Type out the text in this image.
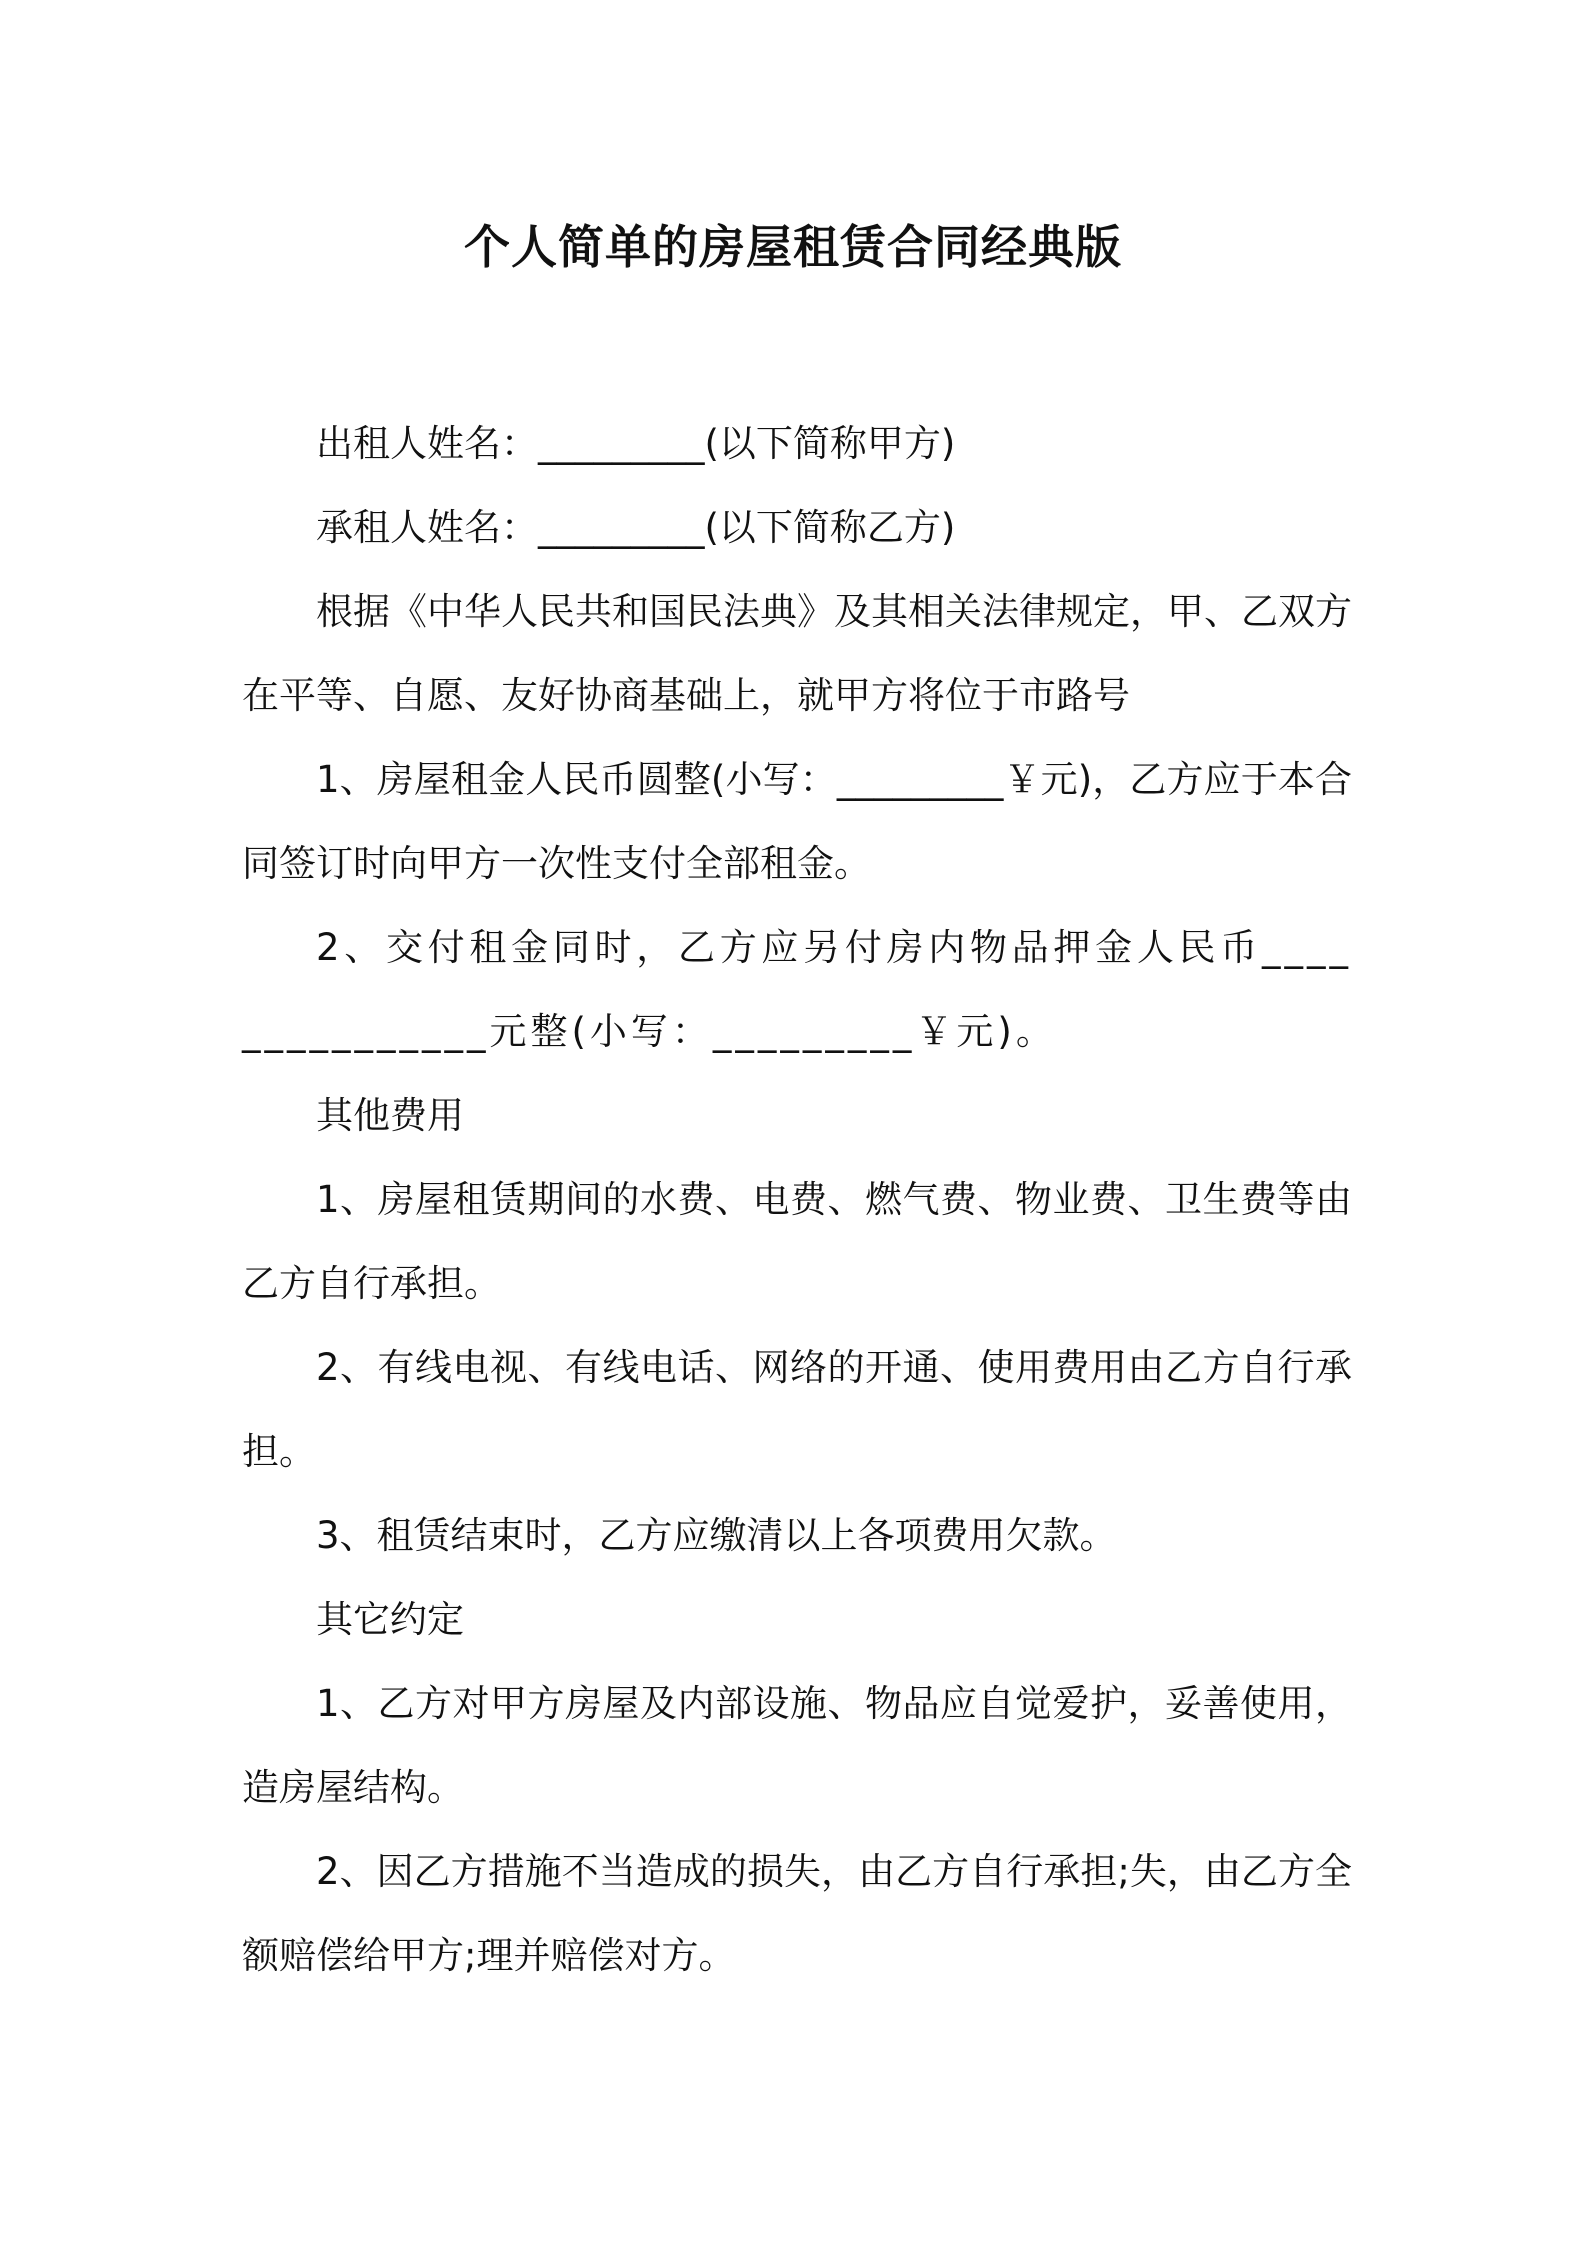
个人简单的房屋租赁合同经典版

出租人姓名：_________(以下简称甲方)

承租人姓名：_________(以下简称乙方)

根据《中华人民共和国民法典》及其相关法律规定，甲、乙双方在平等、自愿、友好协商基础上，就甲方将位于市路号

1、房屋租金人民币圆整(小写：_________￥元)，乙方应于本合同签订时向甲方一次性支付全部租金。

2、交付租金同时，乙方应另付房内物品押金人民币_______________元整(小写：_________￥元)。

其他费用

1、房屋租赁期间的水费、电费、燃气费、物业费、卫生费等由乙方自行承担。

2、有线电视、有线电话、网络的开通、使用费用由乙方自行承担。

3、租赁结束时，乙方应缴清以上各项费用欠款。

其它约定

1、乙方对甲方房屋及内部设施、物品应自觉爱护，妥善使用，造房屋结构。

2、因乙方措施不当造成的损失，由乙方自行承担;失，由乙方全额赔偿给甲方;理并赔偿对方。
